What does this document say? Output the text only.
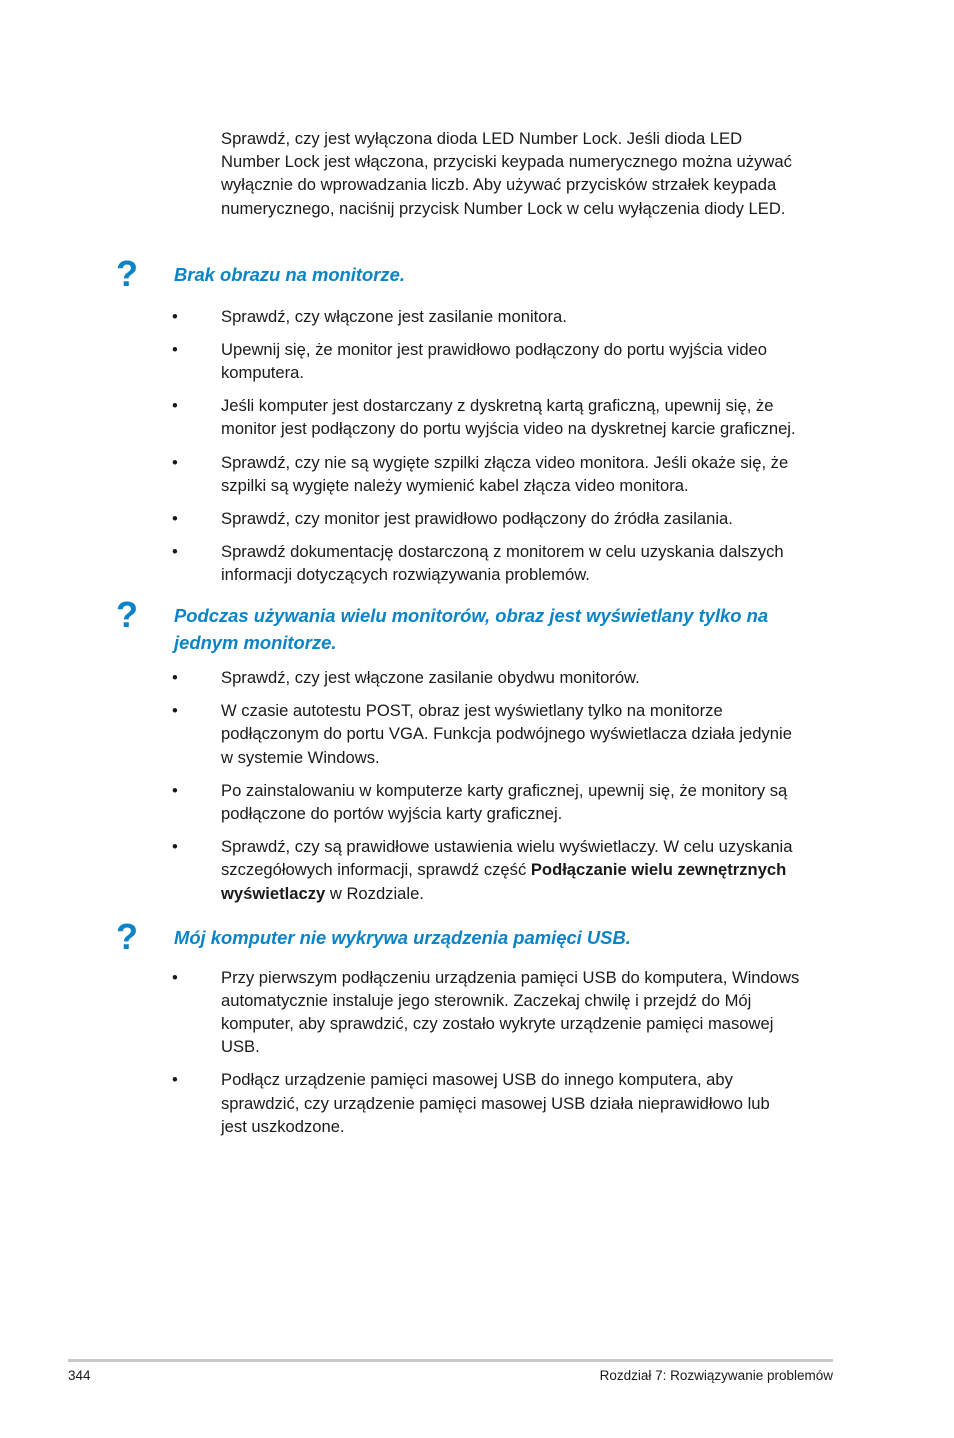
Sprawdź, czy jest wyłączona dioda LED Number Lock. Jeśli dioda LED
Number Lock jest włączona, przyciski keypada numerycznego można używać
wyłącznie do wprowadzania liczb. Aby używać przycisków strzałek keypada
numerycznego, naciśnij przycisk Number Lock w celu wyłączenia diody LED.
? Brak obrazu na monitorze.
•	Sprawdź, czy włączone jest zasilanie monitora.
•	Upewnij się, że monitor jest prawidłowo podłączony do portu wyjścia video
komputera.
•	Jeśli komputer jest dostarczany z dyskretną kartą graficzną, upewnij się, że
monitor jest podłączony do portu wyjścia video na dyskretnej karcie graficznej.
•	Sprawdź, czy nie są wygięte szpilki złącza video monitora. Jeśli okaże się, że
szpilki są wygięte należy wymienić kabel złącza video monitora.
•	Sprawdź, czy monitor jest prawidłowo podłączony do źródła zasilania.
•	Sprawdź dokumentację dostarczoną z monitorem w celu uzyskania dalszych
informacji dotyczących rozwiązywania problemów.
? Podczas używania wielu monitorów, obraz jest wyświetlany tylko na
jednym monitorze.
•	Sprawdź, czy jest włączone zasilanie obydwu monitorów.
•	W czasie autotestu POST, obraz jest wyświetlany tylko na monitorze
podłączonym do portu VGA. Funkcja podwójnego wyświetlacza działa jedynie
w systemie Windows.
•	Po zainstalowaniu w komputerze karty graficznej, upewnij się, że monitory są
podłączone do portów wyjścia karty graficznej.
•	Sprawdź, czy są prawidłowe ustawienia wielu wyświetlaczy. W celu uzyskania
szczegółowych informacji, sprawdź część Podłączanie wielu zewnętrznych
wyświetlaczy w Rozdziale.
? Mój komputer nie wykrywa urządzenia pamięci USB.
•	Przy pierwszym podłączeniu urządzenia pamięci USB do komputera, Windows
automatycznie instaluje jego sterownik. Zaczekaj chwilę i przejdź do Mój
komputer, aby sprawdzić, czy zostało wykryte urządzenie pamięci masowej
USB.
•	Podłącz urządzenie pamięci masowej USB do innego komputera, aby
sprawdzić, czy urządzenie pamięci masowej USB działa nieprawidłowo lub
jest uszkodzone.
344	Rozdział 7: Rozwiązywanie problemów
